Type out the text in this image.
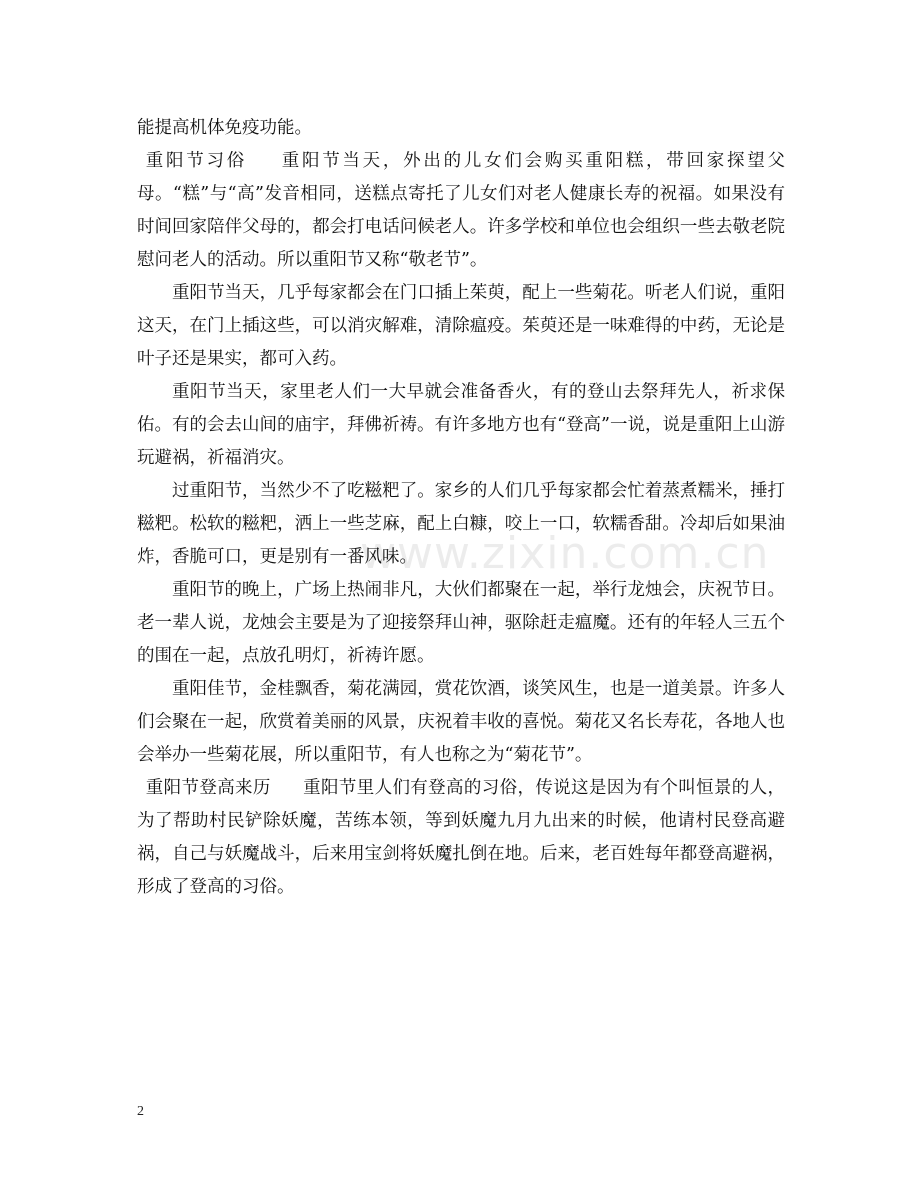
www.zixin.com.cn

能提高机体免疫功能。

重阳节习俗 重阳节当天，外出的儿女们会购买重阳糕，带回家探望父母。“糕”与“高”发音相同，送糕点寄托了儿女们对老人健康长寿的祝福。如果没有时间回家陪伴父母的，都会打电话问候老人。许多学校和单位也会组织一些去敬老院慰问老人的活动。所以重阳节又称“敬老节”。

重阳节当天，几乎每家都会在门口插上茱萸，配上一些菊花。听老人们说，重阳这天，在门上插这些，可以消灾解难，清除瘟疫。茱萸还是一味难得的中药，无论是叶子还是果实，都可入药。

重阳节当天，家里老人们一大早就会准备香火，有的登山去祭拜先人，祈求保佑。有的会去山间的庙宇，拜佛祈祷。有许多地方也有“登高”一说，说是重阳上山游玩避祸，祈福消灾。

过重阳节，当然少不了吃糍粑了。家乡的人们几乎每家都会忙着蒸煮糯米，捶打糍粑。松软的糍粑，洒上一些芝麻，配上白糠，咬上一口，软糯香甜。冷却后如果油炸，香脆可口，更是别有一番风味。

重阳节的晚上，广场上热闹非凡，大伙们都聚在一起，举行龙烛会，庆祝节日。老一辈人说，龙烛会主要是为了迎接祭拜山神，驱除赶走瘟魔。还有的年轻人三五个的围在一起，点放孔明灯，祈祷许愿。

重阳佳节，金桂飘香，菊花满园，赏花饮酒，谈笑风生，也是一道美景。许多人们会聚在一起，欣赏着美丽的风景，庆祝着丰收的喜悦。菊花又名长寿花，各地人也会举办一些菊花展，所以重阳节，有人也称之为“菊花节”。

重阳节登高来历 重阳节里人们有登高的习俗，传说这是因为有个叫恒景的人，为了帮助村民铲除妖魔，苦练本领，等到妖魔九月九出来的时候，他请村民登高避祸，自己与妖魔战斗，后来用宝剑将妖魔扎倒在地。后来，老百姓每年都登高避祸，形成了登高的习俗。

2
